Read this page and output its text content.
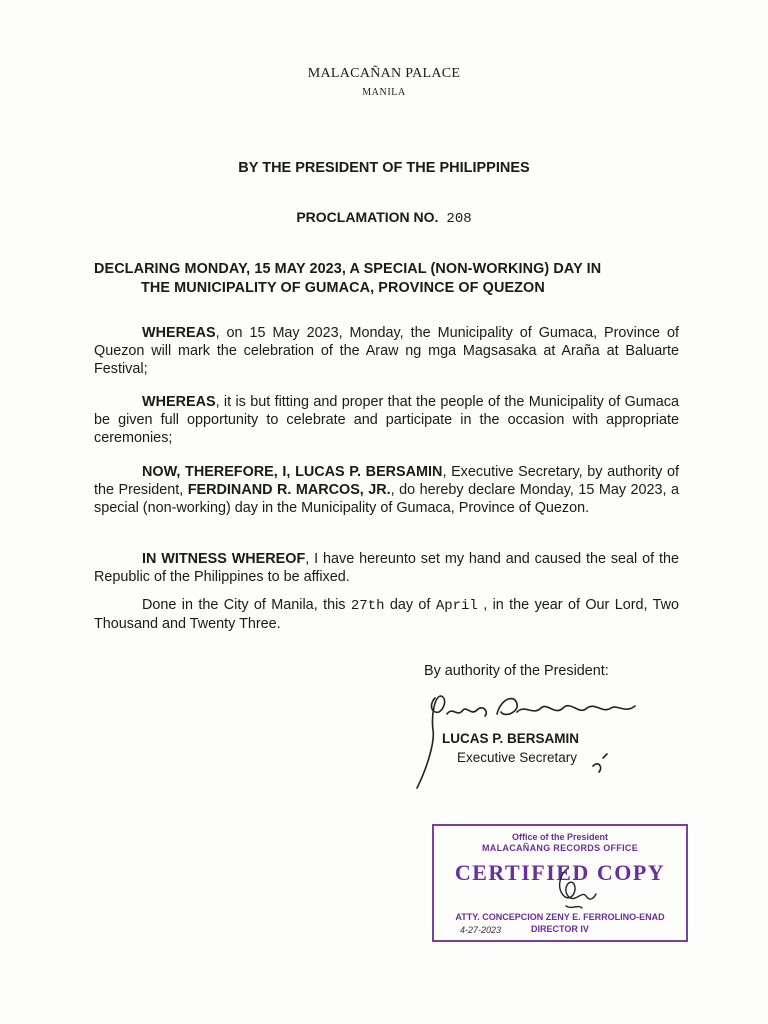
MALACAÑAN PALACE
MANILA
BY THE PRESIDENT OF THE PHILIPPINES
PROCLAMATION NO. 208
DECLARING MONDAY, 15 MAY 2023, A SPECIAL (NON-WORKING) DAY IN
THE MUNICIPALITY OF GUMACA, PROVINCE OF QUEZON
WHEREAS, on 15 May 2023, Monday, the Municipality of Gumaca, Province of Quezon will mark the celebration of the Araw ng mga Magsasaka at Araña at Baluarte Festival;
WHEREAS, it is but fitting and proper that the people of the Municipality of Gumaca be given full opportunity to celebrate and participate in the occasion with appropriate ceremonies;
NOW, THEREFORE, I, LUCAS P. BERSAMIN, Executive Secretary, by authority of the President, FERDINAND R. MARCOS, JR., do hereby declare Monday, 15 May 2023, a special (non-working) day in the Municipality of Gumaca, Province of Quezon.
IN WITNESS WHEREOF, I have hereunto set my hand and caused the seal of the Republic of the Philippines to be affixed.
Done in the City of Manila, this 27th day of April , in the year of Our Lord, Two Thousand and Twenty Three.
By authority of the President:
LUCAS P. BERSAMIN
Executive Secretary
Office of the President
MALACAÑANG RECORDS OFFICE
CERTIFIED COPY
ATTY. CONCEPCION ZENY E. FERROLINO-ENAD
4-27-2023	DIRECTOR IV
